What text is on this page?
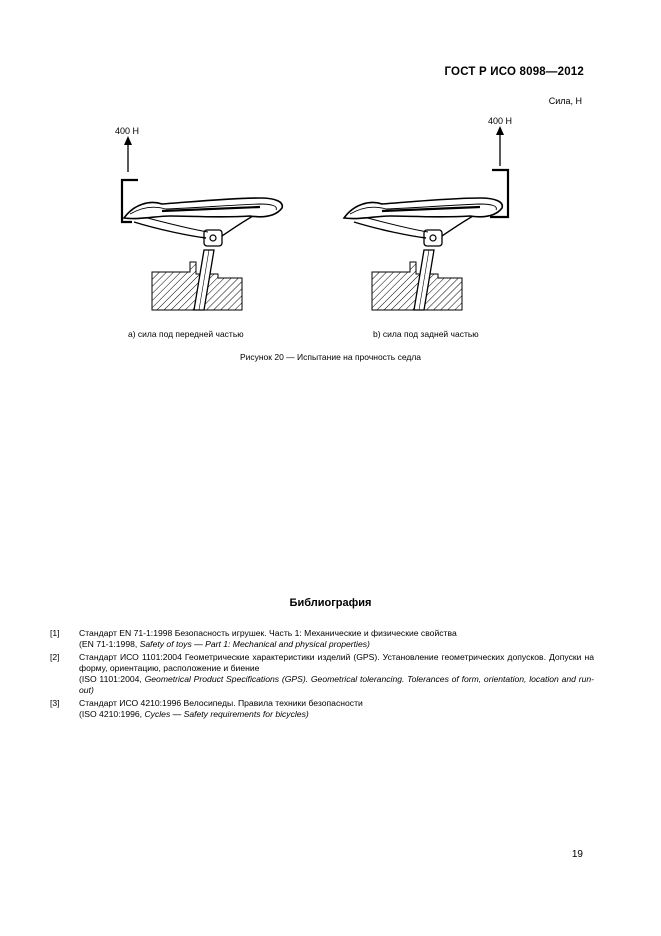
ГОСТ Р ИСО 8098—2012
Сила, Н
400 Н
400 Н
a) сила под передней частью	b) сила под задней частью
Рисунок 20 — Испытание на прочность седла
Библиография
[1] Стандарт EN 71-1:1998 Безопасность игрушек. Часть 1: Механические и физические свойства
(EN 71-1:1998, Safety of toys — Part 1: Mechanical and physical properties)
[2] Стандарт ИСО 1101:2004 Геометрические характеристики изделий (GPS). Установление геометрических допусков. Допуски на форму, ориентацию, расположение и биение
(ISO 1101:2004, Geometrical Product Specifications (GPS). Geometrical tolerancing. Tolerances of form, orientation, location and run-out)
[3] Стандарт ИСО 4210:1996 Велосипеды. Правила техники безопасности
(ISO 4210:1996, Cycles — Safety requirements for bicycles)
19
